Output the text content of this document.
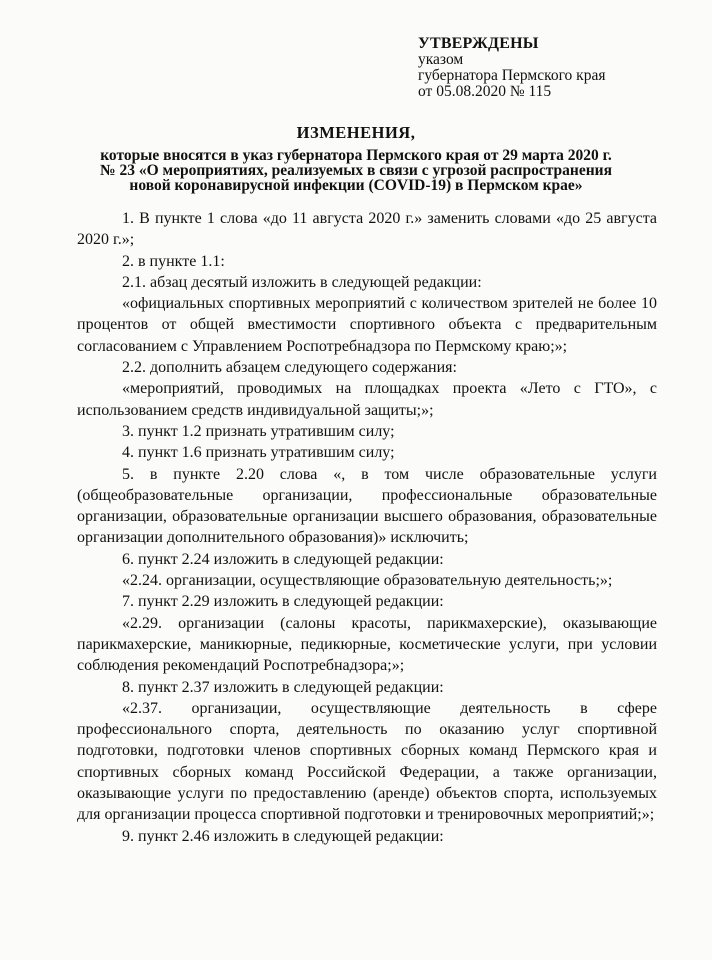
УТВЕРЖДЕНЫ
указом
губернатора Пермского края
от 05.08.2020 № 115
ИЗМЕНЕНИЯ,
которые вносятся в указ губернатора Пермского края от 29 марта 2020 г.
№ 23 «О мероприятиях, реализуемых в связи с угрозой распространения
новой коронавирусной инфекции (COVID-19) в Пермском крае»

1. В пункте 1 слова «до 11 августа 2020 г.» заменить словами «до 25 августа 2020 г.»;

2. в пункте 1.1:

2.1. абзац десятый изложить в следующей редакции:

«официальных спортивных мероприятий с количеством зрителей не более 10 процентов от общей вместимости спортивного объекта с предварительным согласованием с Управлением Роспотребнадзора по Пермскому краю;»;

2.2. дополнить абзацем следующего содержания:

«мероприятий, проводимых на площадках проекта «Лето с ГТО», с использованием средств индивидуальной защиты;»;

3. пункт 1.2 признать утратившим силу;

4. пункт 1.6 признать утратившим силу;

5. в пункте 2.20 слова «, в том числе образовательные услуги (общеобразовательные организации, профессиональные образовательные организации, образовательные организации высшего образования, образовательные организации дополнительного образования)» исключить;

6. пункт 2.24 изложить в следующей редакции:

«2.24. организации, осуществляющие образовательную деятельность;»;

7. пункт 2.29 изложить в следующей редакции:

«2.29. организации (салоны красоты, парикмахерские), оказывающие парикмахерские, маникюрные, педикюрные, косметические услуги, при условии соблюдения рекомендаций Роспотребнадзора;»;

8. пункт 2.37 изложить в следующей редакции:

«2.37. организации, осуществляющие деятельность в сфере профессионального спорта, деятельность по оказанию услуг спортивной подготовки, подготовки членов спортивных сборных команд Пермского края и спортивных сборных команд Российской Федерации, а также организации, оказывающие услуги по предоставлению (аренде) объектов спорта, используемых для организации процесса спортивной подготовки и тренировочных мероприятий;»;

9. пункт 2.46 изложить в следующей редакции:
